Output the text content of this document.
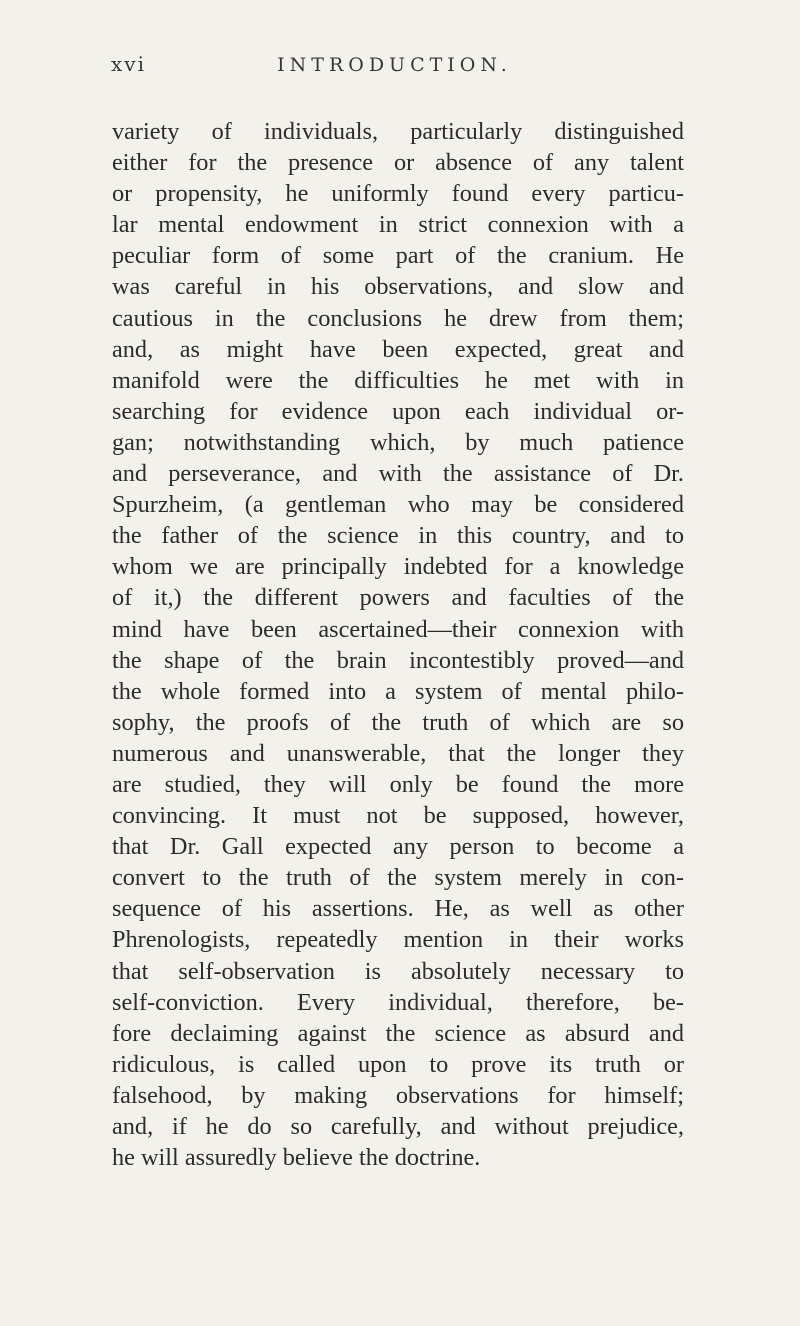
xvi	INTRODUCTION.

variety of individuals, particularly distinguished
either for the presence or absence of any talent
or propensity, he uniformly found every particu-
lar mental endowment in strict connexion with a
peculiar form of some part of the cranium. He
was careful in his observations, and slow and
cautious in the conclusions he drew from them;
and, as might have been expected, great and
manifold were the difficulties he met with in
searching for evidence upon each individual or-
gan; notwithstanding which, by much patience
and perseverance, and with the assistance of Dr.
Spurzheim, (a gentleman who may be considered
the father of the science in this country, and to
whom we are principally indebted for a knowledge
of it,) the different powers and faculties of the
mind have been ascertained—their connexion with
the shape of the brain incontestibly proved—and
the whole formed into a system of mental philo-
sophy, the proofs of the truth of which are so
numerous and unanswerable, that the longer they
are studied, they will only be found the more
convincing. It must not be supposed, however,
that Dr. Gall expected any person to become a
convert to the truth of the system merely in con-
sequence of his assertions. He, as well as other
Phrenologists, repeatedly mention in their works
that self-observation is absolutely necessary to
self-conviction. Every individual, therefore, be-
fore declaiming against the science as absurd and
ridiculous, is called upon to prove its truth or
falsehood, by making observations for himself;
and, if he do so carefully, and without prejudice,
he will assuredly believe the doctrine.
